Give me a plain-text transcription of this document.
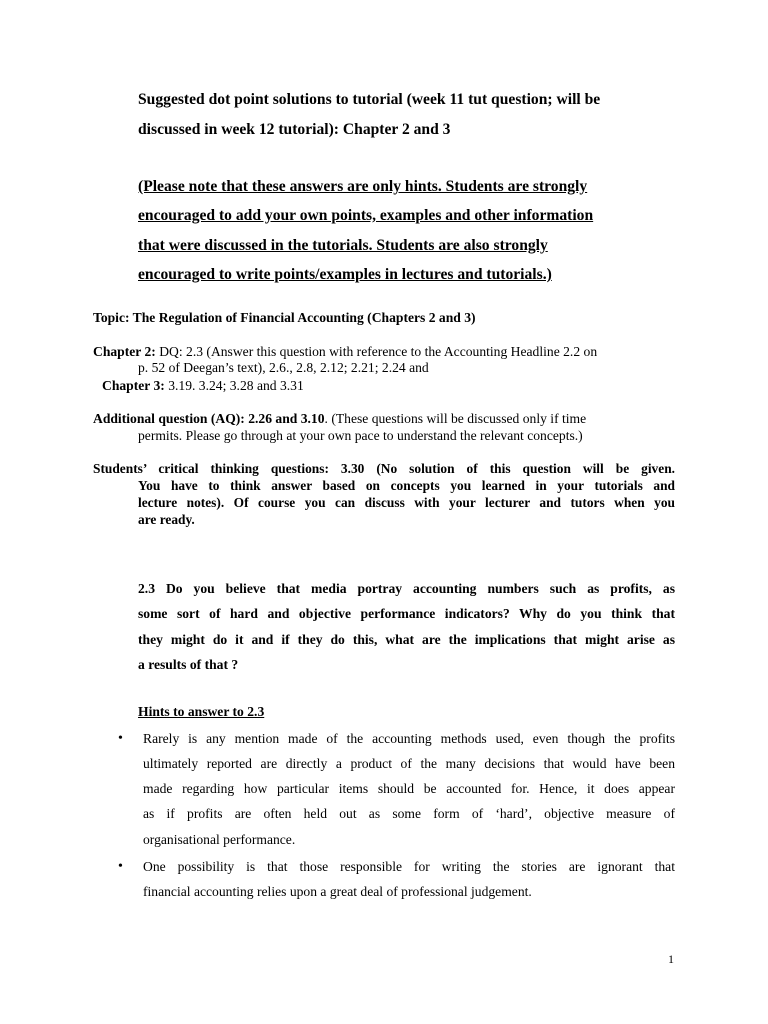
Suggested dot point solutions to tutorial (week 11 tut question; will be
discussed in week 12 tutorial): Chapter 2 and 3
(Please note that these answers are only hints. Students are strongly
encouraged to add your own points, examples and other information
that were discussed in the tutorials. Students are also strongly
encouraged to write points/examples in lectures and tutorials.)
Topic: The Regulation of Financial Accounting (Chapters 2 and 3)
Chapter 2: DQ: 2.3 (Answer this question with reference to the Accounting Headline 2.2 on
p. 52 of Deegan’s text), 2.6., 2.8, 2.12; 2.21; 2.24 and
Chapter 3: 3.19. 3.24; 3.28 and 3.31
Additional question (AQ): 2.26 and 3.10. (These questions will be discussed only if time
permits. Please go through at your own pace to understand the relevant concepts.)
Students’ critical thinking questions: 3.30 (No solution of this question will be given.
You have to think answer based on concepts you learned in your tutorials and
lecture notes). Of course you can discuss with your lecturer and tutors when you
are ready.
2.3 Do you believe that media portray accounting numbers such as profits, as
some sort of hard and objective performance indicators? Why do you think that
they might do it and if they do this, what are the implications that might arise as
a results of that ?
Hints to answer to 2.3
• Rarely is any mention made of the accounting methods used, even though the profits
ultimately reported are directly a product of the many decisions that would have been
made regarding how particular items should be accounted for. Hence, it does appear
as if profits are often held out as some form of ‘hard’, objective measure of
organisational performance.
• One possibility is that those responsible for writing the stories are ignorant that
financial accounting relies upon a great deal of professional judgement.
1
